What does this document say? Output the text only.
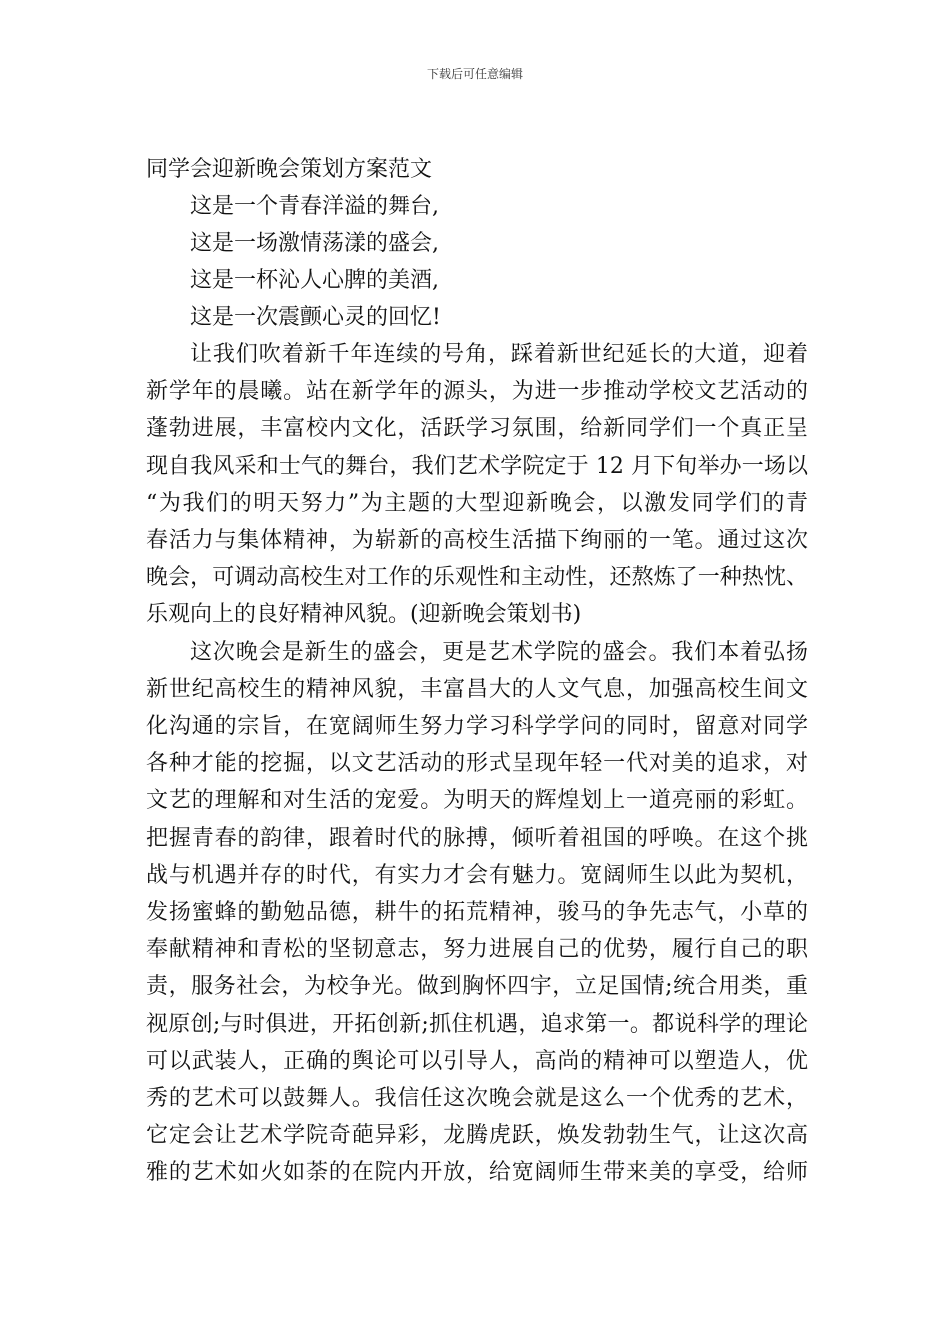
下载后可任意编辑
同学会迎新晚会策划方案范文

这是一个青春洋溢的舞台,

这是一场激情荡漾的盛会,

这是一杯沁人心脾的美酒,

这是一次震颤心灵的回忆!

让我们吹着新千年连续的号角，踩着新世纪延长的大道，迎着

新学年的晨曦。站在新学年的源头，为进一步推动学校文艺活动的

蓬勃进展，丰富校内文化，活跃学习氛围，给新同学们一个真正呈

现自我风采和士气的舞台，我们艺术学院定于 12 月下旬举办一场以

“为我们的明天努力”为主题的大型迎新晚会，以激发同学们的青

春活力与集体精神，为崭新的高校生活描下绚丽的一笔。通过这次

晚会，可调动高校生对工作的乐观性和主动性，还熬炼了一种热忱、

乐观向上的良好精神风貌。(迎新晚会策划书)

这次晚会是新生的盛会，更是艺术学院的盛会。我们本着弘扬

新世纪高校生的精神风貌，丰富昌大的人文气息，加强高校生间文

化沟通的宗旨，在宽阔师生努力学习科学学问的同时，留意对同学

各种才能的挖掘，以文艺活动的形式呈现年轻一代对美的追求，对

文艺的理解和对生活的宠爱。为明天的辉煌划上一道亮丽的彩虹。

把握青春的韵律，跟着时代的脉搏，倾听着祖国的呼唤。在这个挑

战与机遇并存的时代，有实力才会有魅力。宽阔师生以此为契机，

发扬蜜蜂的勤勉品德，耕牛的拓荒精神，骏马的争先志气，小草的

奉献精神和青松的坚韧意志，努力进展自己的优势，履行自己的职

责，服务社会，为校争光。做到胸怀四宇，立足国情;统合用类，重

视原创;与时俱进，开拓创新;抓住机遇，追求第一。都说科学的理论

可以武装人，正确的舆论可以引导人，高尚的精神可以塑造人，优

秀的艺术可以鼓舞人。我信任这次晚会就是这么一个优秀的艺术，

它定会让艺术学院奇葩异彩，龙腾虎跃，焕发勃勃生气，让这次高

雅的艺术如火如荼的在院内开放，给宽阔师生带来美的享受，给师
